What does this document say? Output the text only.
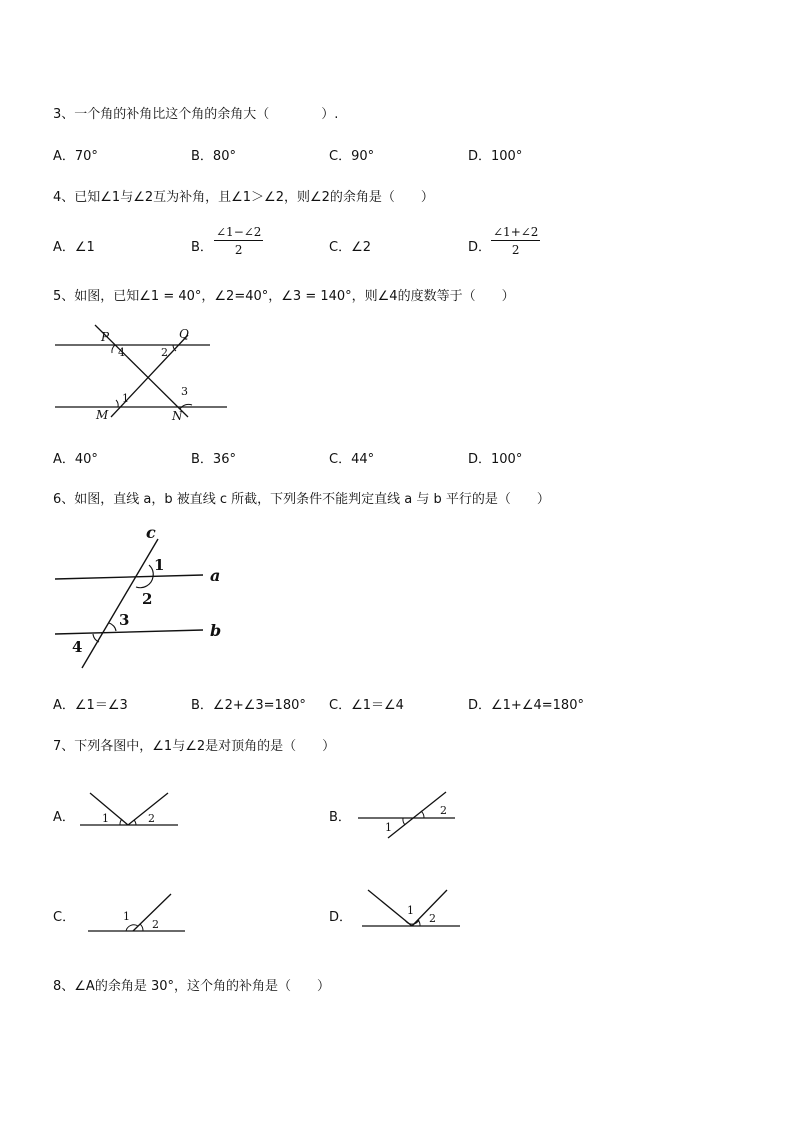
3、一个角的补角比这个角的余角大（　　　　）.
A．70°	B．80°	C．90°	D．100°
4、已知∠1与∠2互为补角，且∠1＞∠2，则∠2的余角是（　　）
A．∠1	B． $\frac{\angle 1-\angle 2}{2}$	C．∠2	D． $\frac{\angle 1+\angle 2}{2}$
5、如图，已知∠1 = 40°，∠2=40°，∠3 = 140°，则∠4的度数等于（　　）
P	Q
4	2
3
1
M	N
A．40°	B．36°	C．44°	D．100°
6、如图，直线 a，b 被直线 c 所截，下列条件不能判定直线 a 与 b 平行的是（　　）
c
1
a
2
3
b
4
A．∠1＝∠3	B．∠2+∠3=180° C．∠1＝∠4	D．∠1+∠4=180°
7、下列各图中，∠1与∠2是对顶角的是（　　）
A． 1	2	B．
1
2
C．	1
2	D．	1
2
8、∠A的余角是 30°，这个角的补角是（　　）
